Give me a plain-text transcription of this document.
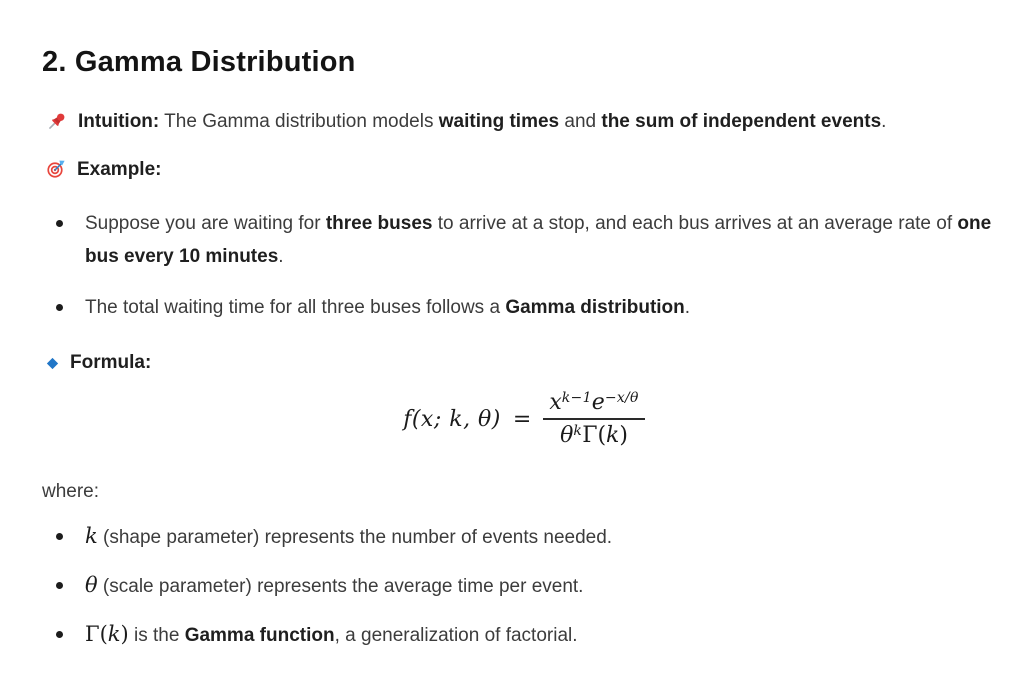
2. Gamma Distribution

Intuition: The Gamma distribution models waiting times and the sum of independent events.

Example:

Suppose you are waiting for three buses to arrive at a stop, and each bus arrives at an average rate of one bus every 10 minutes.
The total waiting time for all three buses follows a Gamma distribution.

Formula:

f(x; k, $\theta) = \frac{x^{k-1}e^{-x/\theta}}{\theta^k\Gamma(k)}$

where:

k (shape parameter) represents the number of events needed.
θ (scale parameter) represents the average time per event.
Γ(k) is the Gamma function, a generalization of factorial.
